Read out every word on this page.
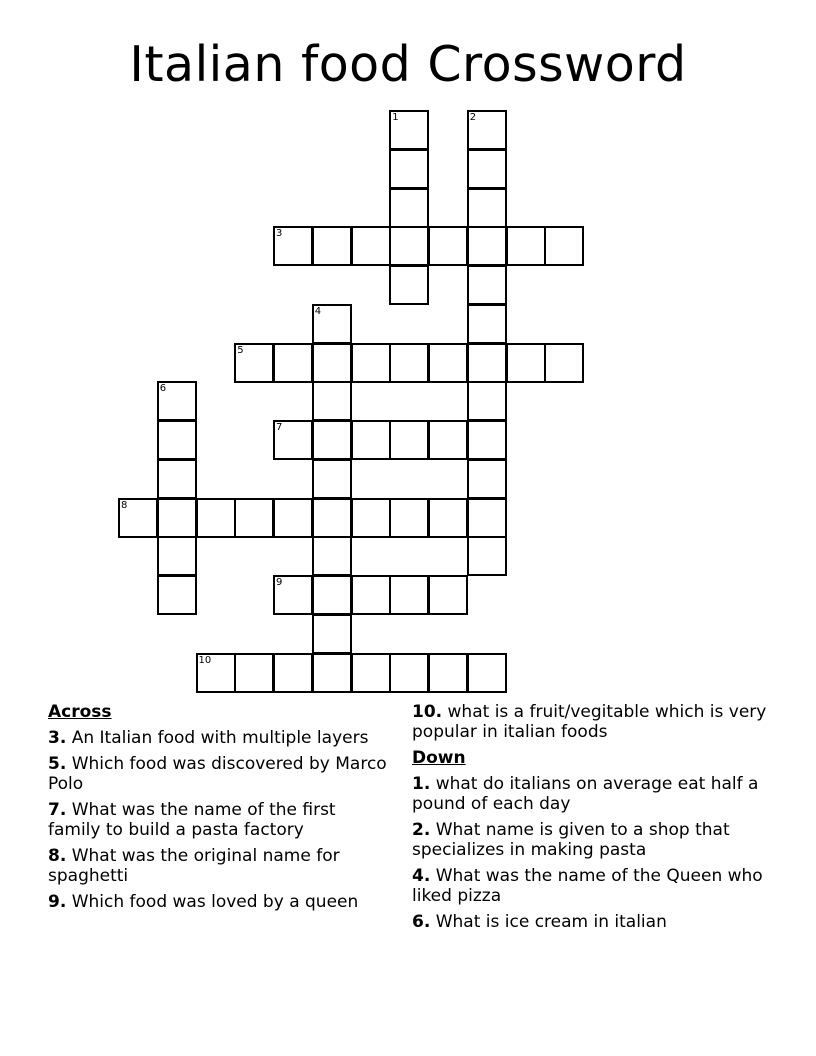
Italian food Crossword
1	2
3
4
5
6
7
8
9
10
Across
3. An Italian food with multiple layers
5. Which food was discovered by Marco Polo
7. What was the name of the first family to build a pasta factory
8. What was the original name for spaghetti
9. Which food was loved by a queen
10. what is a fruit/vegitable which is very popular in italian foods
Down
1. what do italians on average eat half a pound of each day
2. What name is given to a shop that specializes in making pasta
4. What was the name of the Queen who liked pizza
6. What is ice cream in italian
